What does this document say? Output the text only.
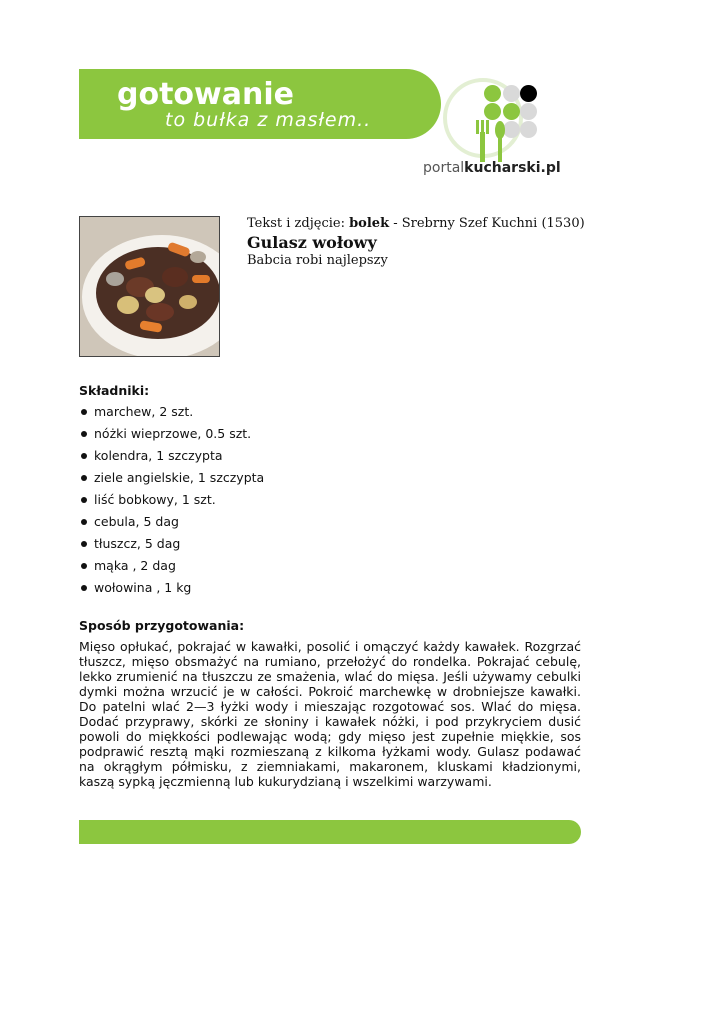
gotowanie
to bułka z masłem..
portalkucharski.pl
Tekst i zdjęcie: bolek - Srebrny Szef Kuchni (1530)
Gulasz wołowy
Babcia robi najlepszy
Składniki:
marchew, 2 szt.
nóżki wieprzowe, 0.5 szt.
kolendra, 1 szczypta
ziele angielskie, 1 szczypta
liść bobkowy, 1 szt.
cebula, 5 dag
tłuszcz, 5 dag
mąka , 2 dag
wołowina , 1 kg
Sposób przygotowania:
Mięso opłukać, pokrajać w kawałki, posolić i omączyć każdy kawałek. Rozgrzać tłuszcz, mięso obsmażyć na rumiano, przełożyć do rondelka. Pokrajać cebulę, lekko zrumienić na tłuszczu ze smażenia, wlać do mięsa. Jeśli używamy cebulki dymki można wrzucić je w całości. Pokroić marchewkę w drobniejsze kawałki. Do patelni wlać 2—3 łyżki wody i mieszając rozgotować sos. Wlać do mięsa. Dodać przyprawy, skórki ze słoniny i kawałek nóżki, i pod przykryciem dusić powoli do miękkości podlewając wodą; gdy mięso jest zupełnie miękkie, sos podprawić resztą mąki rozmieszaną z kilkoma łyżkami wody. Gulasz podawać na okrągłym półmisku, z ziemniakami, makaronem, kluskami kładzionymi, kaszą sypką jęczmienną lub kukurydzianą i wszelkimi warzywami.
